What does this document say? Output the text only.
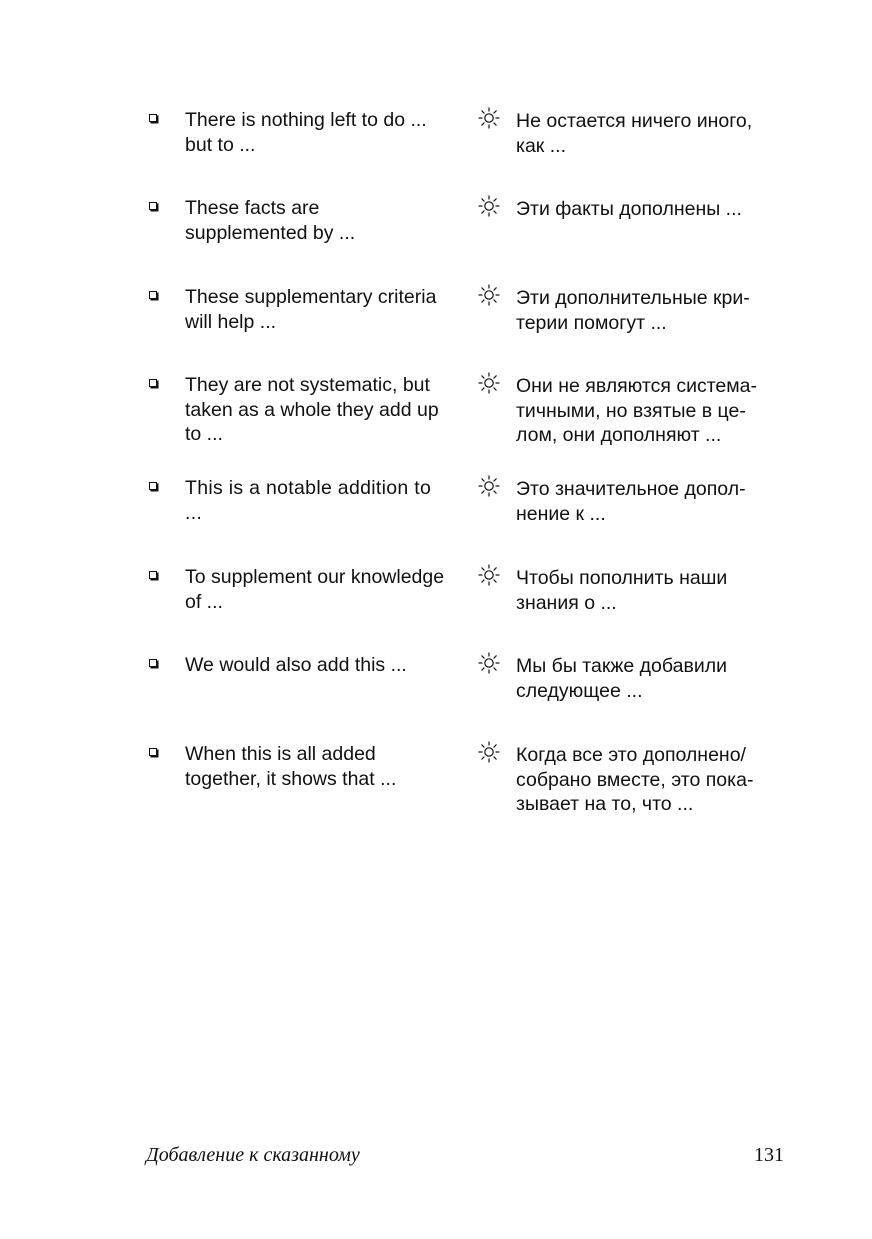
There is nothing left to do ...
but to ...
Не остается ничего иного,
как ...
These facts are
supplemented by ...
Эти факты дополнены ...
These supplementary criteria
will help ...
Эти дополнительные кри-
терии помогут ...
They are not systematic, but
taken as a whole they add up
to ...
Они не являются система-
тичными, но взятые в це-
лом, они дополняют ...
This is a notable addition to
...
Это значительное допол-
нение к ...
To supplement our knowledge
of ...
Чтобы пополнить наши
знания о ...
We would also add this ...	Мы бы также добавили
следующее ...
When this is all added
together, it shows that ...
Когда все это дополнено/
собрано вместе, это пока-
зывает на то, что ...
Добавление к сказанному	131
